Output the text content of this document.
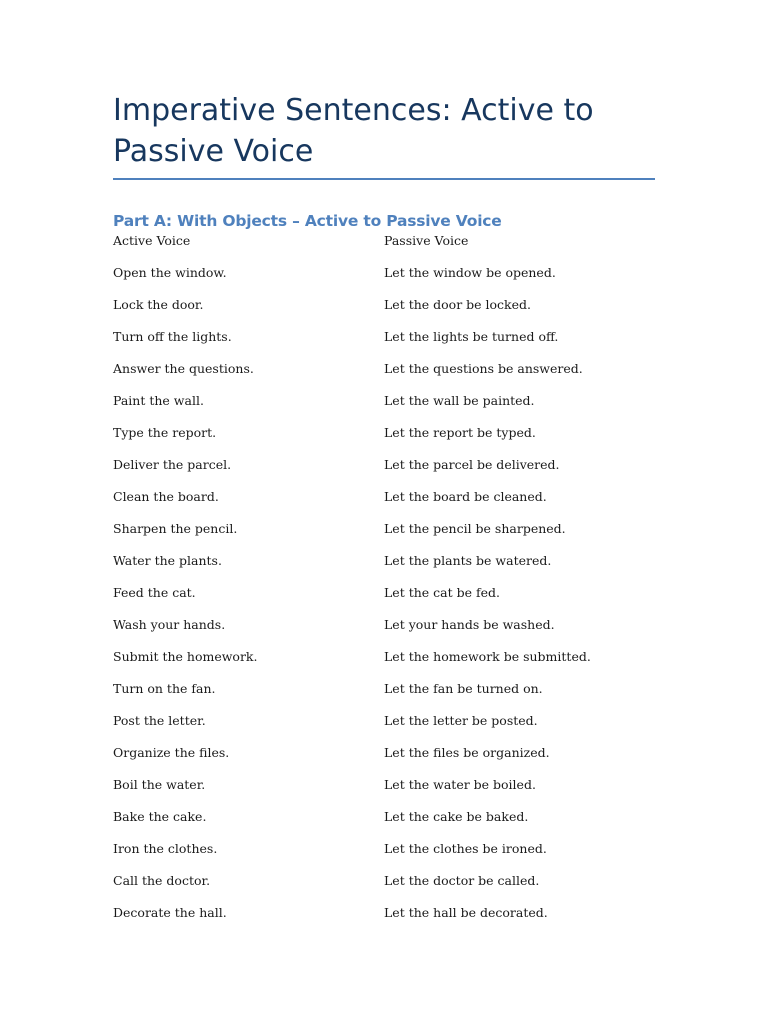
Imperative Sentences: Active to Passive Voice
Part A: With Objects – Active to Passive Voice
Active Voice	Passive Voice
Open the window.	Let the window be opened.
Lock the door.	Let the door be locked.
Turn off the lights.	Let the lights be turned off.
Answer the questions.	Let the questions be answered.
Paint the wall.	Let the wall be painted.
Type the report.	Let the report be typed.
Deliver the parcel.	Let the parcel be delivered.
Clean the board.	Let the board be cleaned.
Sharpen the pencil.	Let the pencil be sharpened.
Water the plants.	Let the plants be watered.
Feed the cat.	Let the cat be fed.
Wash your hands.	Let your hands be washed.
Submit the homework.	Let the homework be submitted.
Turn on the fan.	Let the fan be turned on.
Post the letter.	Let the letter be posted.
Organize the files.	Let the files be organized.
Boil the water.	Let the water be boiled.
Bake the cake.	Let the cake be baked.
Iron the clothes.	Let the clothes be ironed.
Call the doctor.	Let the doctor be called.
Decorate the hall.	Let the hall be decorated.
